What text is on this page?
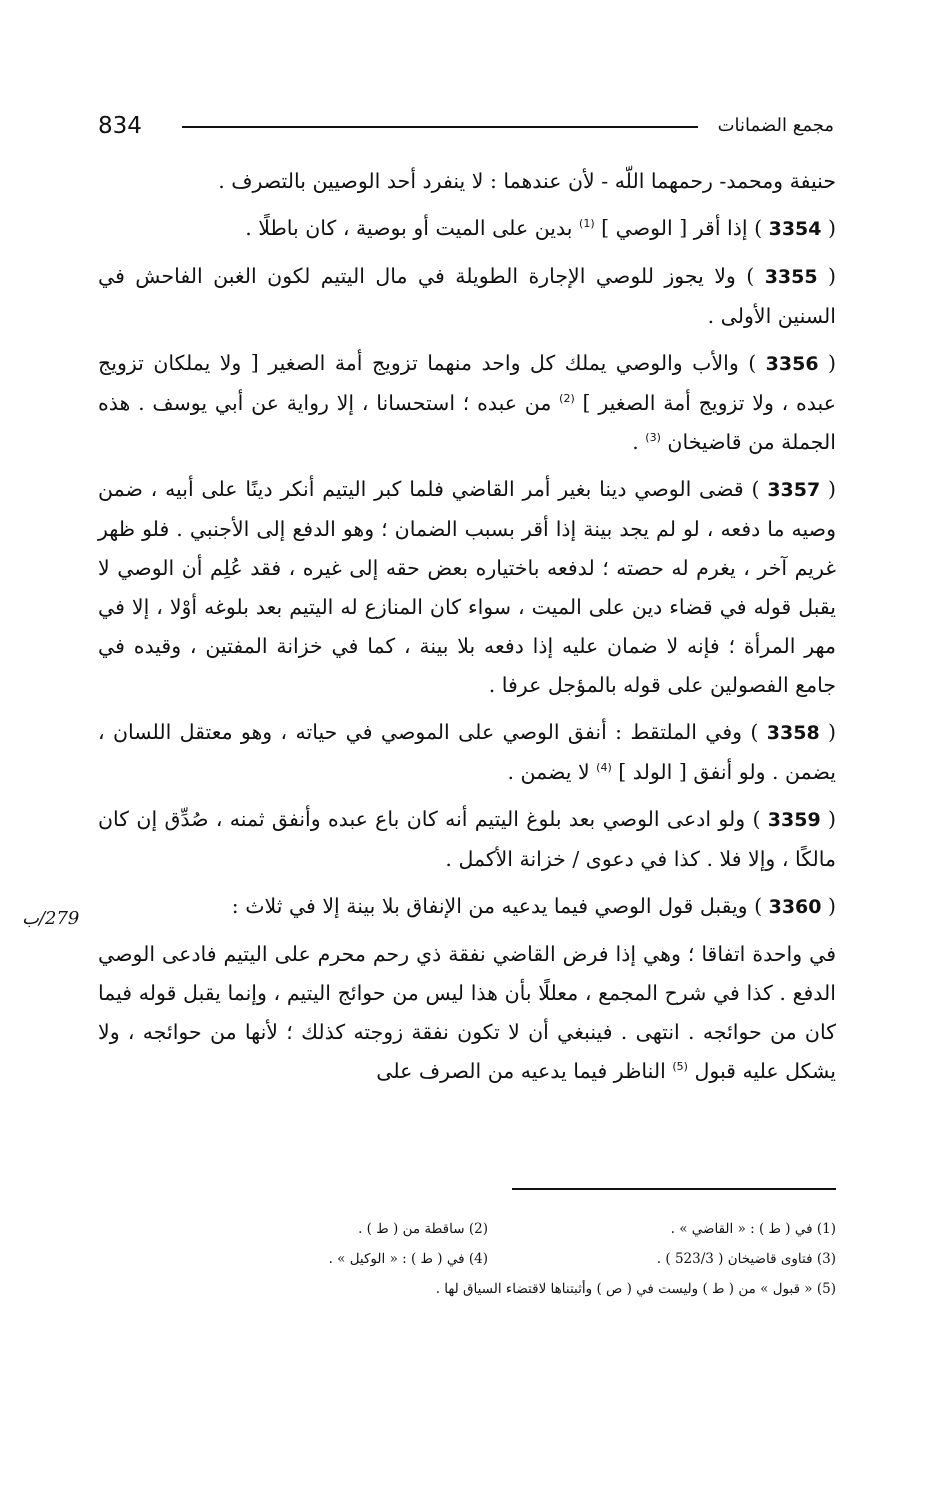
834	مجمع الضمانات

حنيفة ومحمد- رحمهما اللّه - لأن عندهما : لا ينفرد أحد الوصيين بالتصرف .

( 3354 ) إذا أقر [ الوصي ] $^{(1)}$ بدين على الميت أو بوصية ، كان باطلًا .

( 3355 ) ولا يجوز للوصي الإجارة الطويلة في مال اليتيم لكون الغبن الفاحش في السنين الأولى .

( 3356 ) والأب والوصي يملك كل واحد منهما تزويج أمة الصغير [ ولا يملكان تزويج عبده ، ولا تزويج أمة الصغير ] $^{(2)}$ من عبده ؛ استحسانا ، إلا رواية عن أبي يوسف . هذه الجملة من قاضيخان $^{(3)}$ .

( 3357 ) قضى الوصي دينا بغير أمر القاضي فلما كبر اليتيم أنكر دينًا على أبيه ، ضمن وصيه ما دفعه ، لو لم يجد بينة إذا أقر بسبب الضمان ؛ وهو الدفع إلى الأجنبي . فلو ظهر غريم آخر ، يغرم له حصته ؛ لدفعه باختياره بعض حقه إلى غيره ، فقد عُلِم أن الوصي لا يقبل قوله في قضاء دين على الميت ، سواء كان المنازع له اليتيم بعد بلوغه أوْلا ، إلا في مهر المرأة ؛ فإنه لا ضمان عليه إذا دفعه بلا بينة ، كما في خزانة المفتين ، وقيده في جامع الفصولين على قوله بالمؤجل عرفا .

( 3358 ) وفي الملتقط : أنفق الوصي على الموصي في حياته ، وهو معتقل اللسان ، يضمن . ولو أنفق [ الولد ] $^{(4)}$ لا يضمن .

( 3359 ) ولو ادعى الوصي بعد بلوغ اليتيم أنه كان باع عبده وأنفق ثمنه ، صُدِّق إن كان مالكًا ، وإلا فلا . كذا في دعوى / خزانة الأكمل .

( 3360 ) ويقبل قول الوصي فيما يدعيه من الإنفاق بلا بينة إلا في ثلاث :

في واحدة اتفاقا ؛ وهي إذا فرض القاضي نفقة ذي رحم محرم على اليتيم فادعى الوصي الدفع . كذا في شرح المجمع ، معللًا بأن هذا ليس من حوائج اليتيم ، وإنما يقبل قوله فيما كان من حوائجه . انتهى . فينبغي أن لا تكون نفقة زوجته كذلك ؛ لأنها من حوائجه ، ولا يشكل عليه قبول $^{(5)}$ الناظر فيما يدعيه من الصرف على

279/ب
(1) في ( ط ) : « القاضي » .
(2) ساقطة من ( ط ) .
(3) فتاوى قاضيخان ( 523/3 ) .
(4) في ( ط ) : « الوكيل » .
(5) « قبول » من ( ط ) وليست في ( ص ) وأثبتناها لاقتضاء السياق لها .
